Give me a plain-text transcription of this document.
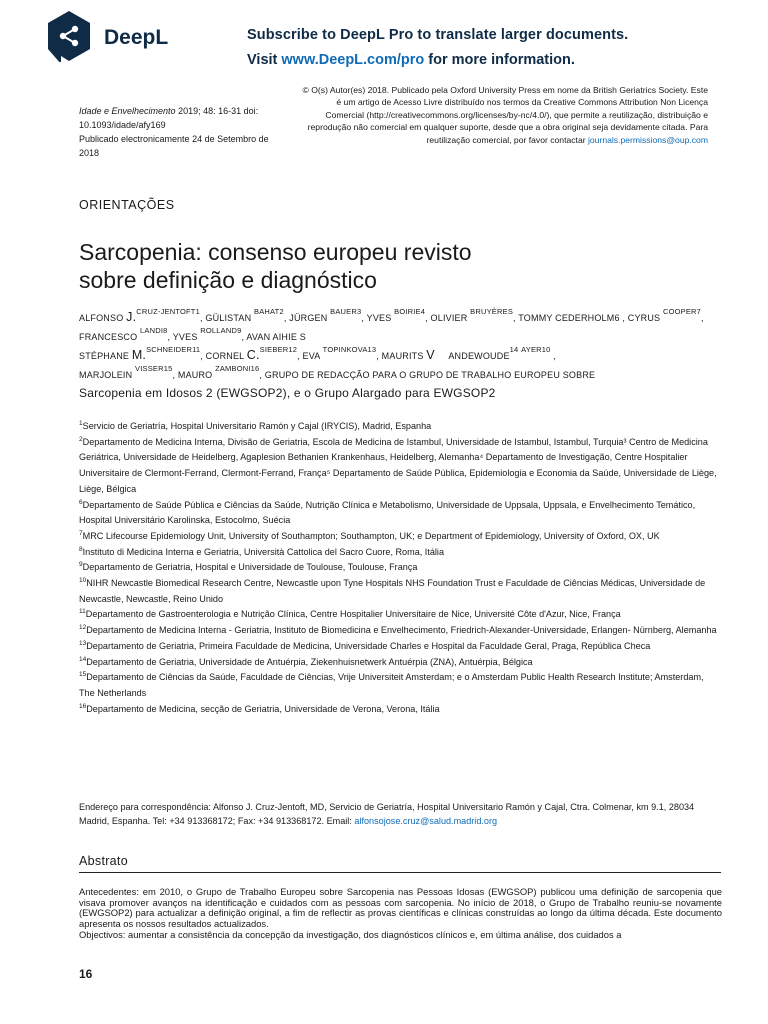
DeepL	Subscribe to DeepL Pro to translate larger documents.
Visit www.DeepL.com/pro for more information.
Idade e Envelhecimento 2019; 48: 16-31 doi: 10.1093/idade/afy169
Publicado electronicamente 24 de Setembro de 2018
© O(s) Autor(es) 2018. Publicado pela Oxford University Press em nome da British Geriatrics Society. Este é um artigo de Acesso Livre distribuído nos termos da Creative Commons Attribution Non Licença Comercial (http://creativecommons.org/licenses/by-nc/4.0/), que permite a reutilização, distribuição e reprodução não comercial em qualquer suporte, desde que a obra original seja devidamente citada. Para
reutilização comercial, por favor contactar journals.permissions@oup.com
ORIENTAÇÕES
Sarcopenia: consenso europeu revisto
sobre definição e diagnóstico
ALFONSO J.$^{CRUZ-JENTOFT1}$, GÜLISTAN $^{BAHAT2}$, JÜRGEN $^{BAUER3}$, YVES $^{BOIRIE4}$, OLIVIER $^{BRUYÈRES}$, TOMMY CEDERHOLM6 , CYRUS $^{COOPER7}$, FRANCESCO $^{LANDI8}$, YVES $^{ROLLAND9}$, AVAN AIHIE S
STÉPHANE M.$^{SCHNEIDER11}$, CORNEL C.$^{SIEBER12}$, EVA $^{TOPINKOVA13}$, MAURITS V ANDEWOUDE$^{14}$ $^{AYER10}$ ,
MARJOLEIN $^{VISSER15}$, MAURO $^{ZAMBONI16}$, GRUPO DE REDACÇÃO PARA O GRUPO DE TRABALHO EUROPEU SOBRE
Sarcopenia em Idosos 2 (EWGSOP2), e o Grupo Alargado para EWGSOP2

$^1$Servicio de Geriatría, Hospital Universitario Ramón y Cajal (IRYCIS), Madrid, Espanha

$^2$Departamento de Medicina Interna, Divisão de Geriatria, Escola de Medicina de Istambul, Universidade de Istambul, Istambul, Turquia³ Centro de Medicina Geriátrica, Universidade de Heidelberg, Agaplesion Bethanien Krankenhaus, Heidelberg, Alemanha⁴ Departamento de Investigação, Centre Hospitalier Universitaire de Clermont-Ferrand, Clermont-Ferrand, França⁵ Departamento de Saúde Pública, Epidemiologia e Economia da Saúde, Universidade de Liège, Liège, Bélgica

$^6$Departamento de Saúde Pública e Ciências da Saúde, Nutrição Clínica e Metabolismo, Universidade de Uppsala, Uppsala, e Envelhecimento Temático, Hospital Universitário Karolinska, Estocolmo, Suécia

$^7$MRC Lifecourse Epidemiology Unit, University of Southampton; Southampton, UK; e Department of Epidemiology, University of Oxford, OX, UK

$^8$Instituto di Medicina Interna e Geriatria, Università Cattolica del Sacro Cuore, Roma, Itália

$^9$Departamento de Geriatria, Hospital e Universidade de Toulouse, Toulouse, França

$^{10}$NIHR Newcastle Biomedical Research Centre, Newcastle upon Tyne Hospitals NHS Foundation Trust e Faculdade de Ciências Médicas, Universidade de Newcastle, Newcastle, Reino Unido

$^{11}$Departamento de Gastroenterologia e Nutrição Clínica, Centre Hospitalier Universitaire de Nice, Université Côte d'Azur, Nice, França

$^{12}$Departamento de Medicina Interna - Geriatria, Instituto de Biomedicina e Envelhecimento, Friedrich-Alexander-Universidade, Erlangen- Nürnberg, Alemanha

$^{13}$Departamento de Geriatria, Primeira Faculdade de Medicina, Universidade Charles e Hospital da Faculdade Geral, Praga, República Checa

$^{14}$Departamento de Geriatria, Universidade de Antuérpia, Ziekenhuisnetwerk Antuérpia (ZNA), Antuérpia, Bélgica

$^{15}$Departamento de Ciências da Saúde, Faculdade de Ciências, Vrije Universiteit Amsterdam; e o Amsterdam Public Health Research Institute; Amsterdam, The Netherlands

$^{16}$Departamento de Medicina, secção de Geriatria, Universidade de Verona, Verona, Itália

Endereço para correspondência: Alfonso J. Cruz-Jentoft, MD, Servicio de Geriatría, Hospital Universitario Ramón y Cajal, Ctra. Colmenar, km 9.1, 28034 Madrid, Espanha. Tel: +34 913368172; Fax: +34 913368172. Email: alfonsojose.cruz@salud.madrid.org
Abstrato

Antecedentes: em 2010, o Grupo de Trabalho Europeu sobre Sarcopenia nas Pessoas Idosas (EWGSOP) publicou uma definição de sarcopenia que visava promover avanços na identificação e cuidados com as pessoas com sarcopenia. No início de 2018, o Grupo de Trabalho reuniu-se novamente (EWGSOP2) para actualizar a definição original, a fim de reflectir as provas científicas e clínicas construídas ao longo da última década. Este documento apresenta os nossos resultados actualizados.

Objectivos: aumentar a consistência da concepção da investigação, dos diagnósticos clínicos e, em última análise, dos cuidados a

16
